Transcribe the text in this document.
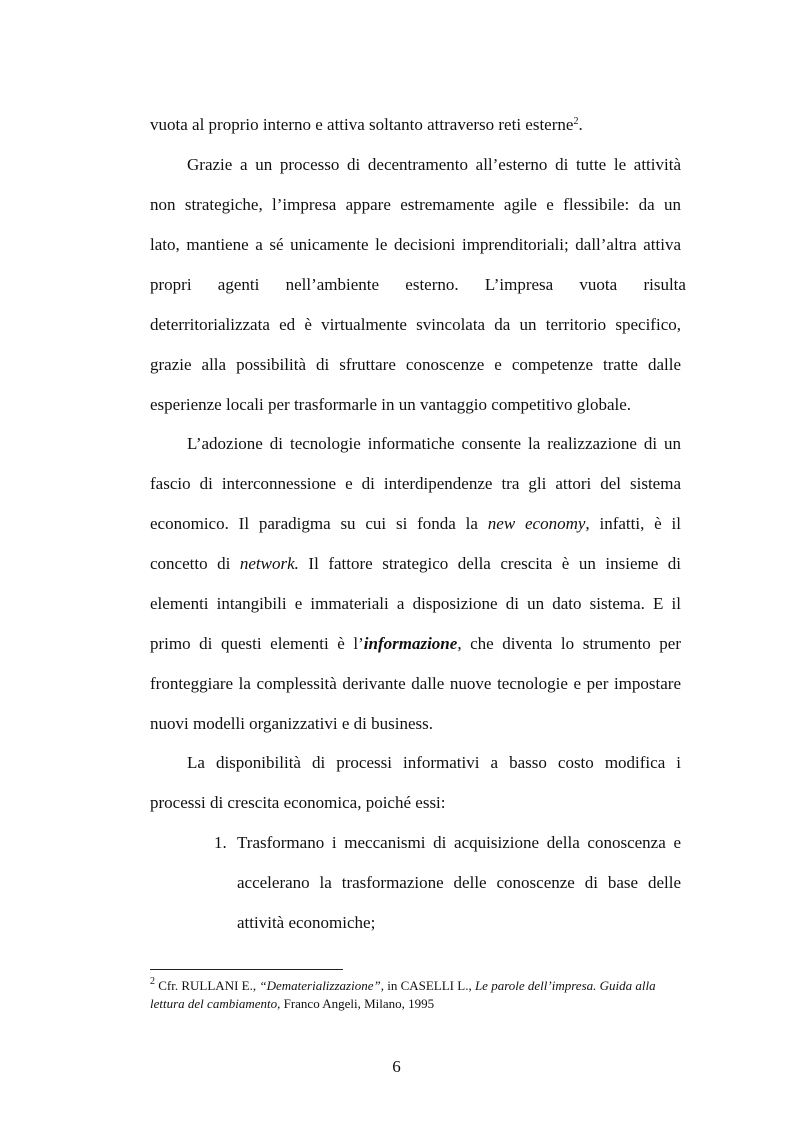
vuota al proprio interno e attiva soltanto attraverso reti esterne$^2$.
Grazie a un processo di decentramento all’esterno di tutte le attività
non strategiche, l’impresa appare estremamente agile e flessibile: da un
lato, mantiene a sé unicamente le decisioni imprenditoriali; dall’altra attiva
propri agenti nell’ambiente esterno. L’impresa vuota risulta
deterritorializzata ed è virtualmente svincolata da un territorio specifico,
grazie alla possibilità di sfruttare conoscenze e competenze tratte dalle
esperienze locali per trasformarle in un vantaggio competitivo globale.
L’adozione di tecnologie informatiche consente la realizzazione di un
fascio di interconnessione e di interdipendenze tra gli attori del sistema
economico. Il paradigma su cui si fonda la new economy, infatti, è il
concetto di network. Il fattore strategico della crescita è un insieme di
elementi intangibili e immateriali a disposizione di un dato sistema. E il
primo di questi elementi è l’informazione, che diventa lo strumento per
fronteggiare la complessità derivante dalle nuove tecnologie e per impostare
nuovi modelli organizzativi e di business.
La disponibilità di processi informativi a basso costo modifica i
processi di crescita economica, poiché essi:
1. Trasformano i meccanismi di acquisizione della conoscenza e
accelerano la trasformazione delle conoscenze di base delle
attività economiche;
$^2$ Cfr. RULLANI E., “Dematerializzazione”, in CASELLI L., Le parole dell’impresa. Guida alla
lettura del cambiamento, Franco Angeli, Milano, 1995
6
